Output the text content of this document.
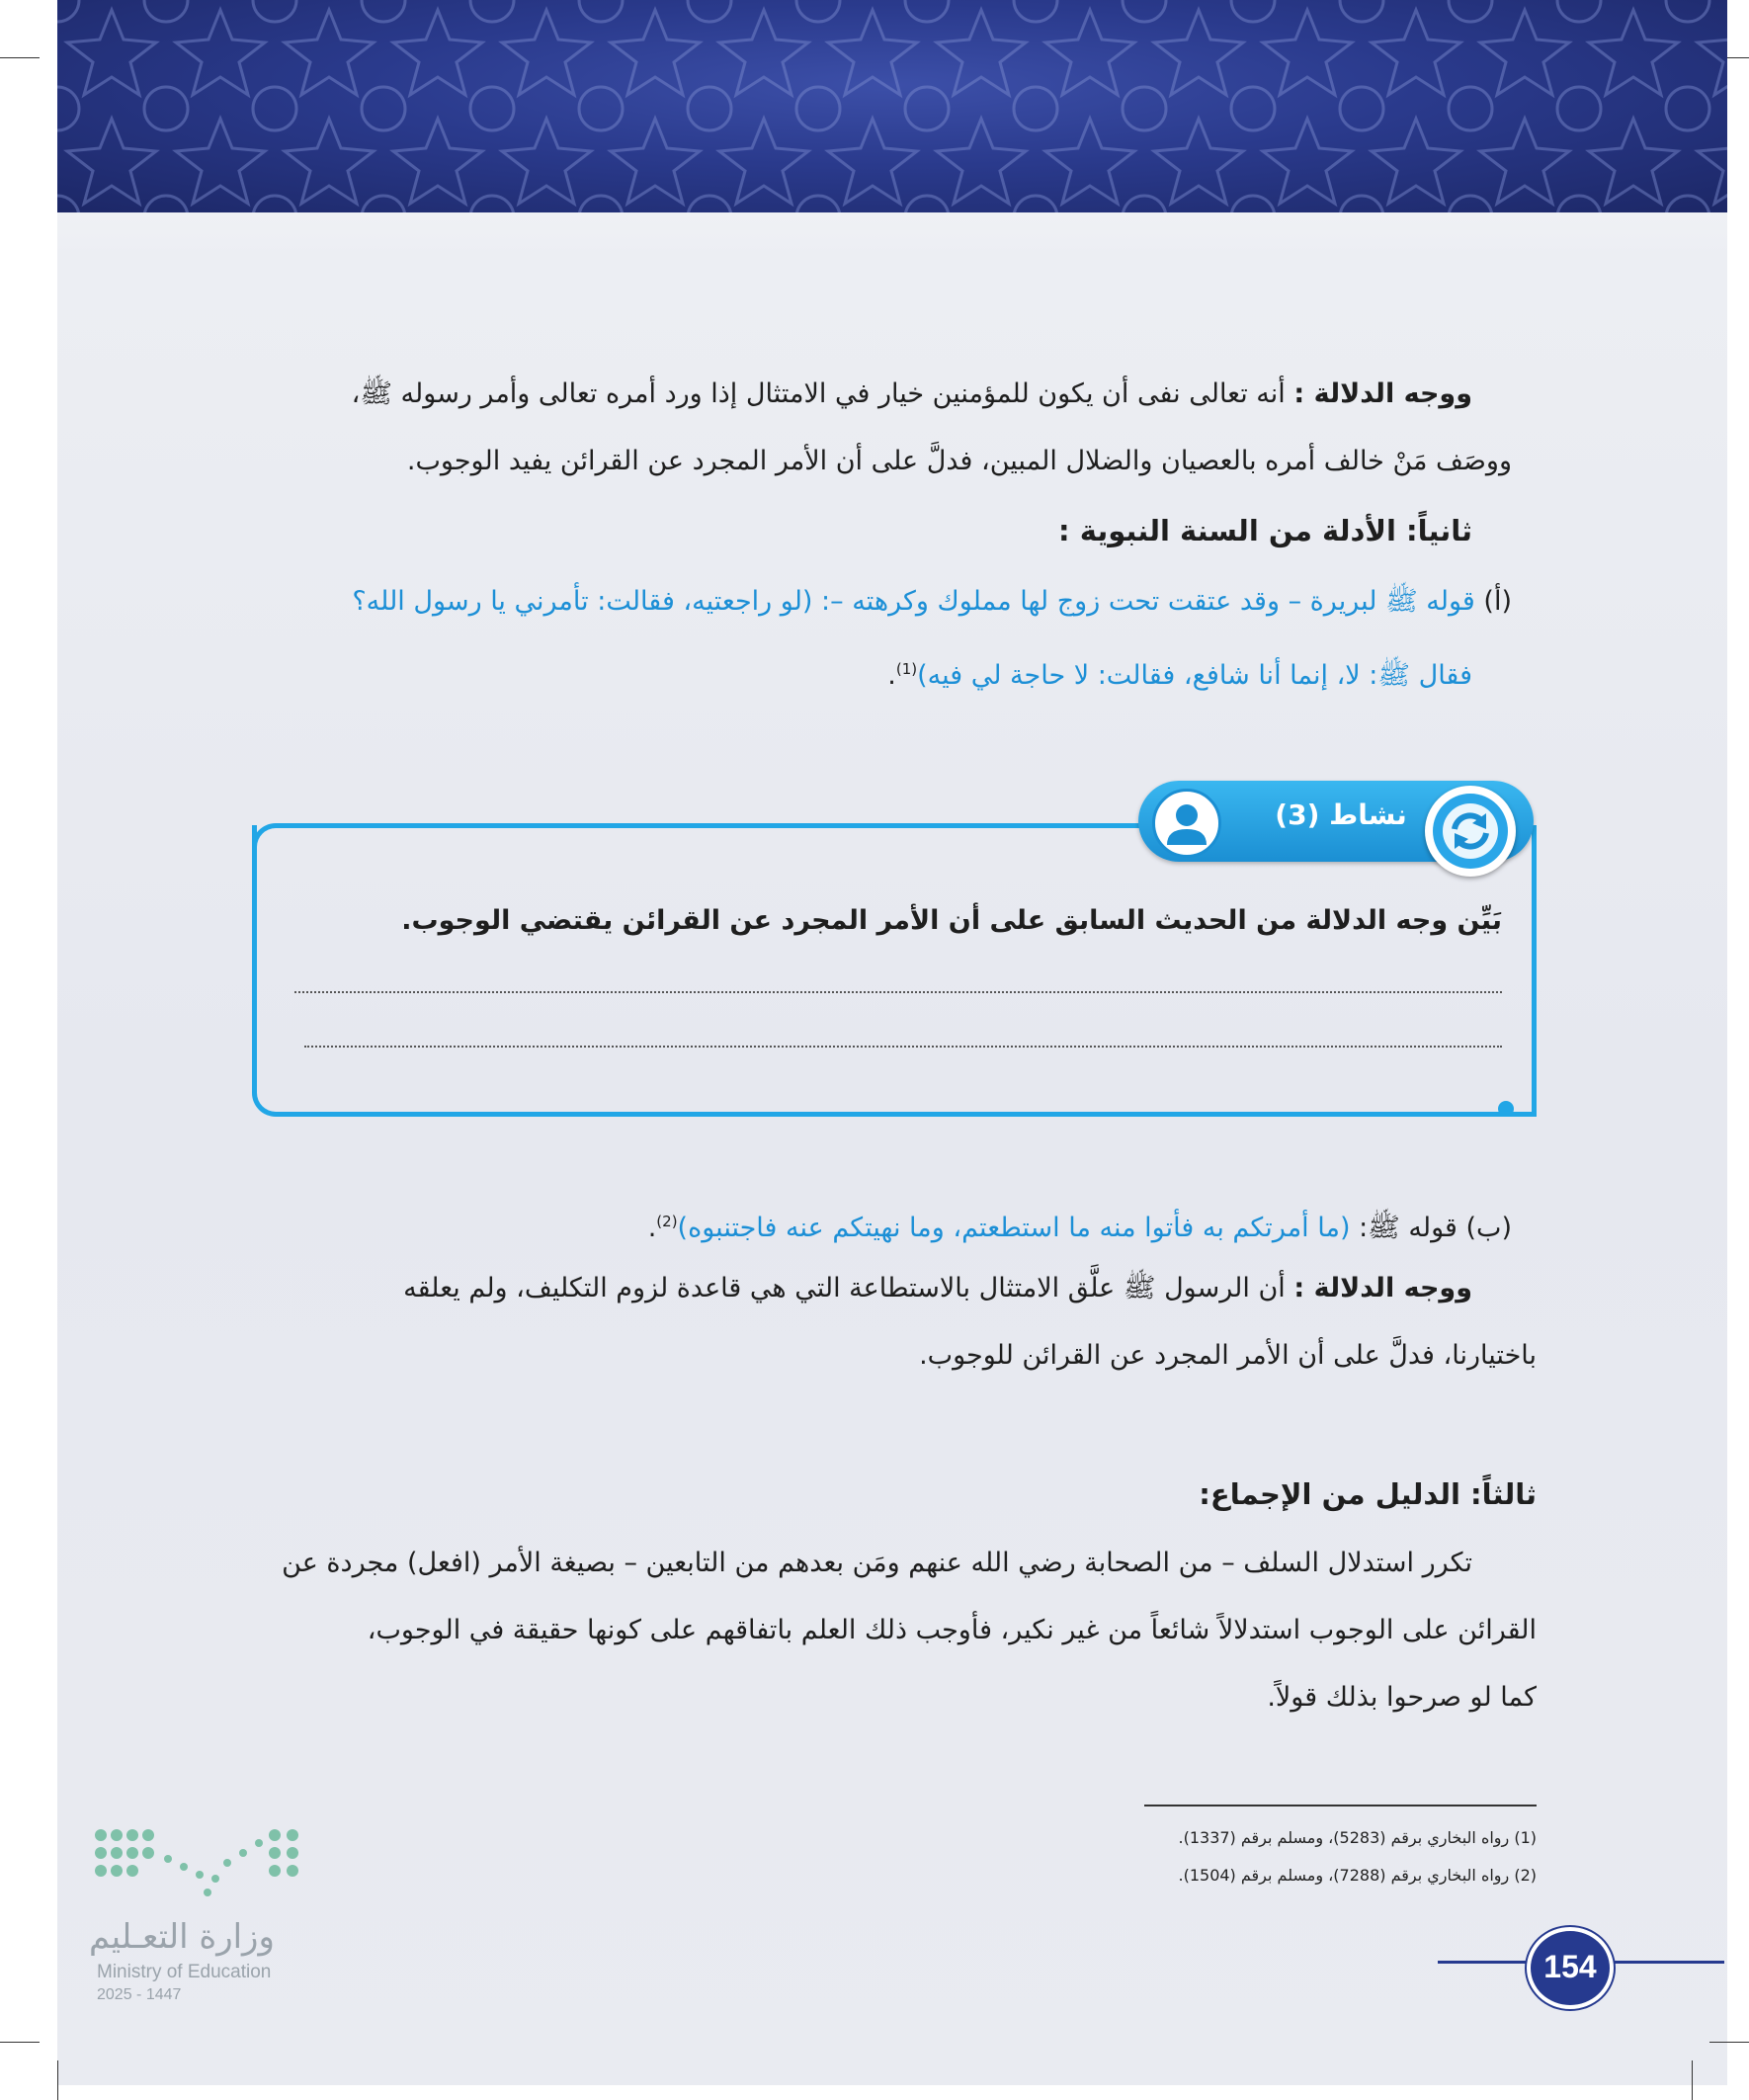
ووجه الدلالة : أنه تعالى نفى أن يكون للمؤمنين خيار في الامتثال إذا ورد أمره تعالى وأمر رسوله ﷺ،
ووصَف مَنْ خالف أمره بالعصيان والضلال المبين، فدلَّ على أن الأمر المجرد عن القرائن يفيد الوجوب.
ثانياً: الأدلة من السنة النبوية :
(أ) قوله ﷺ لبريرة – وقد عتقت تحت زوج لها مملوك وكرهته –: (لو راجعتيه، فقالت: تأمرني يا رسول الله؟
فقال ﷺ: لا، إنما أنا شافع، فقالت: لا حاجة لي فيه)$^{(1)}$.
نشاط (3)
بَيِّن وجه الدلالة من الحديث السابق على أن الأمر المجرد عن القرائن يقتضي الوجوب.
(ب) قوله ﷺ: (ما أمرتكم به فأتوا منه ما استطعتم، وما نهيتكم عنه فاجتنبوه)$^{(2)}$.
ووجه الدلالة : أن الرسول ﷺ علَّق الامتثال بالاستطاعة التي هي قاعدة لزوم التكليف، ولم يعلقه
باختيارنا، فدلَّ على أن الأمر المجرد عن القرائن للوجوب.
ثالثاً: الدليل من الإجماع:
تكرر استدلال السلف – من الصحابة رضي الله عنهم ومَن بعدهم من التابعين – بصيغة الأمر (افعل) مجردة عن
القرائن على الوجوب استدلالاً شائعاً من غير نكير، فأوجب ذلك العلم باتفاقهم على كونها حقيقة في الوجوب،
كما لو صرحوا بذلك قولاً.
(1) رواه البخاري برقم (5283)، ومسلم برقم (1337).
(2) رواه البخاري برقم (7288)، ومسلم برقم (1504).
وزارة التعـليم
Ministry of Education
2025 - 1447
154
